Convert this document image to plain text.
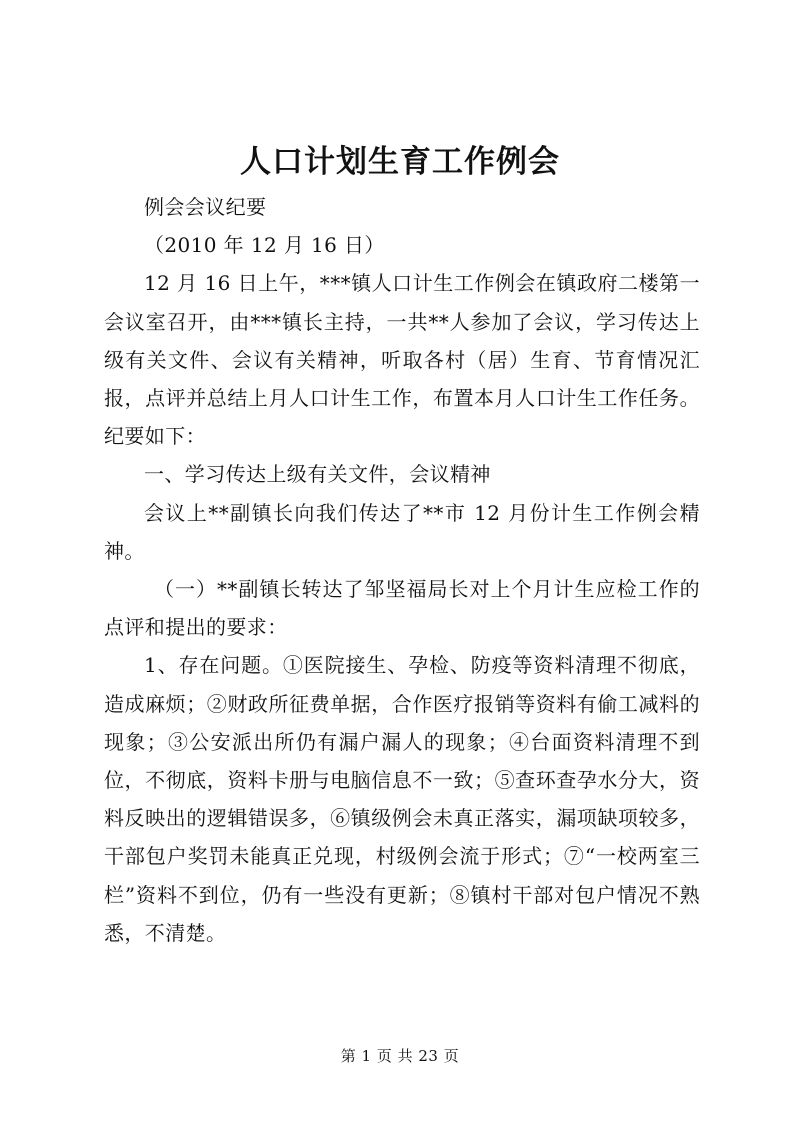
人口计划生育工作例会

例会会议纪要

（2010 年 12 月 16 日）

12 月 16 日上午，***镇人口计生工作例会在镇政府二楼第一会议室召开，由***镇长主持，一共**人参加了会议，学习传达上级有关文件、会议有关精神，听取各村（居）生育、节育情况汇报，点评并总结上月人口计生工作，布置本月人口计生工作任务。纪要如下：

一、学习传达上级有关文件，会议精神

会议上**副镇长向我们传达了**市 12 月份计生工作例会精神。

（一）**副镇长转达了邹坚福局长对上个月计生应检工作的点评和提出的要求：

1、存在问题。①医院接生、孕检、防疫等资料清理不彻底，造成麻烦；②财政所征费单据，合作医疗报销等资料有偷工减料的现象；③公安派出所仍有漏户漏人的现象；④台面资料清理不到位，不彻底，资料卡册与电脑信息不一致；⑤查环查孕水分大，资料反映出的逻辑错误多，⑥镇级例会未真正落实，漏项缺项较多，干部包户奖罚未能真正兑现，村级例会流于形式；⑦“一校两室三栏”资料不到位，仍有一些没有更新；⑧镇村干部对包户情况不熟悉，不清楚。

第 1 页 共 23 页
